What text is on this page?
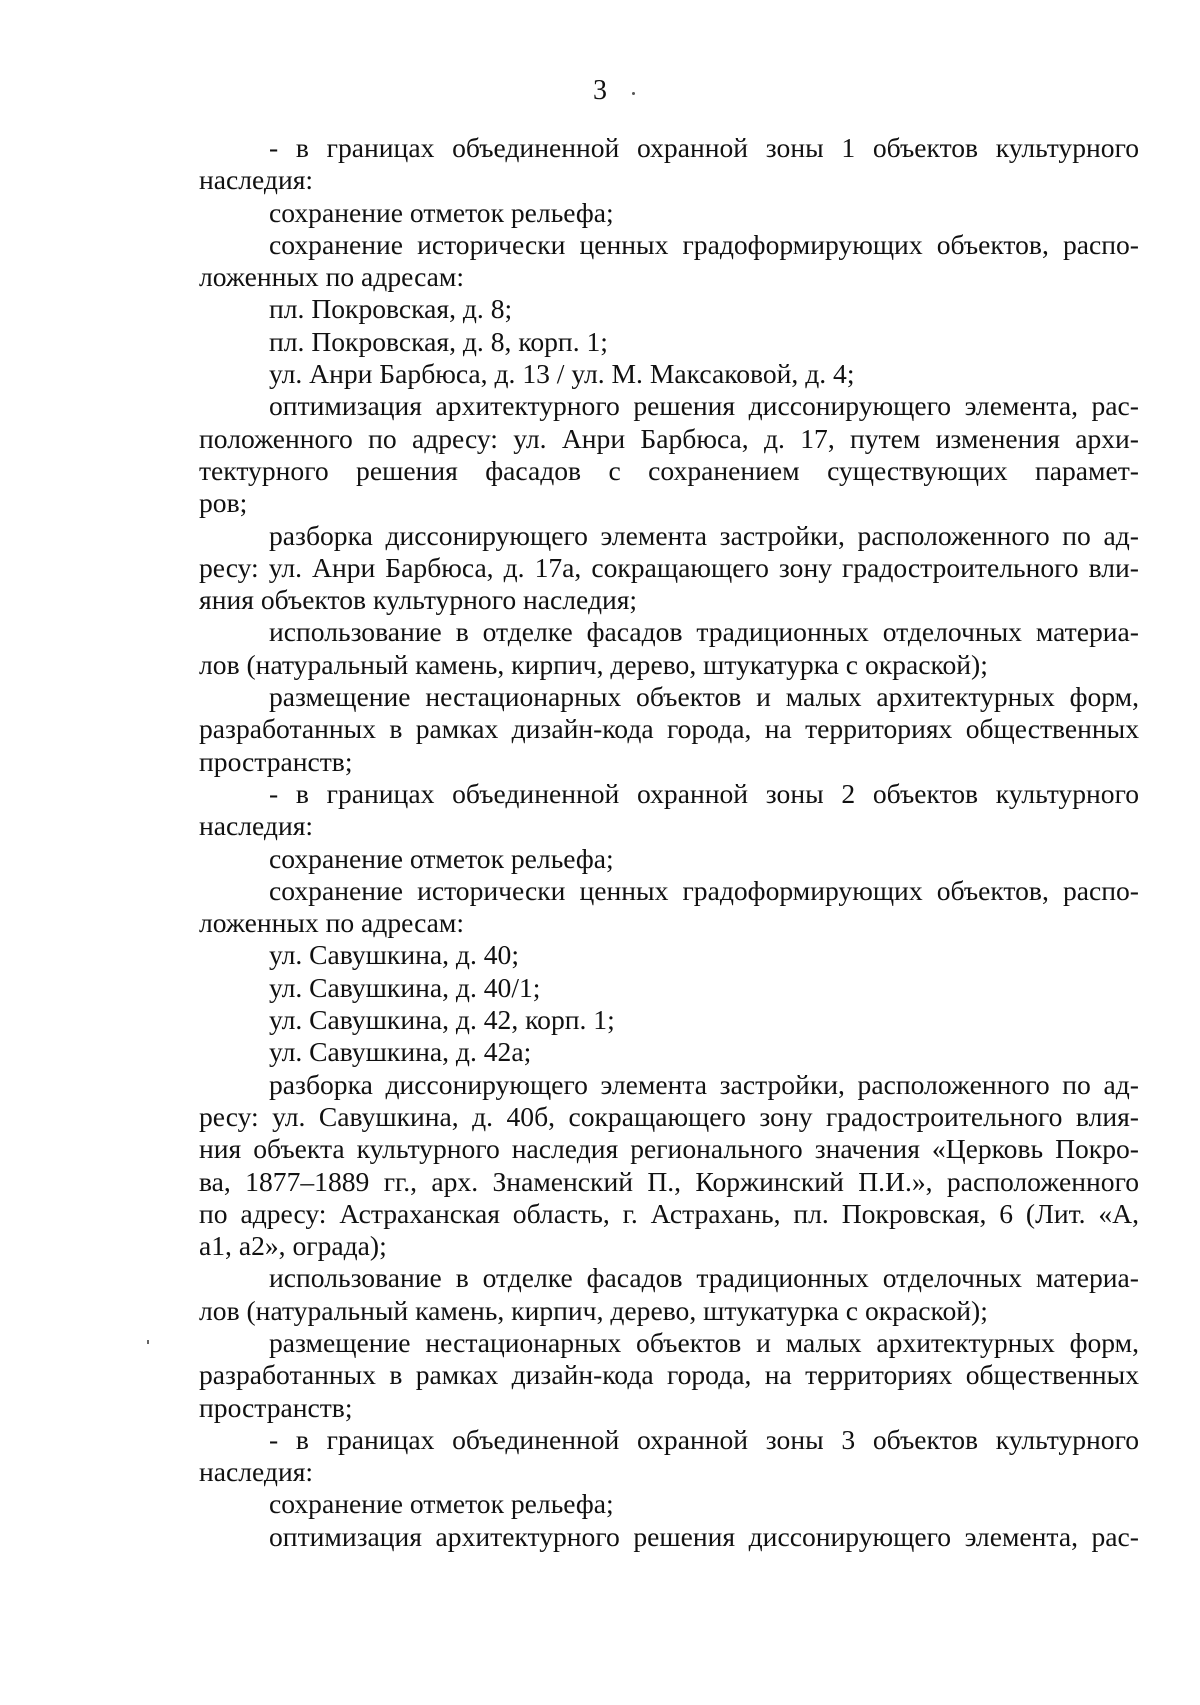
3
- в границах объединенной охранной зоны 1 объектов культурного
наследия:
сохранение отметок рельефа;
сохранение исторически ценных градоформирующих объектов, распо-
ложенных по адресам:
пл. Покровская, д. 8;
пл. Покровская, д. 8, корп. 1;
ул. Анри Барбюса, д. 13 / ул. М. Максаковой, д. 4;
оптимизация архитектурного решения диссонирующего элемента, рас-
положенного по адресу: ул. Анри Барбюса, д. 17, путем изменения архи-
тектурного решения фасадов с сохранением существующих парамет-
ров;
разборка диссонирующего элемента застройки, расположенного по ад-
ресу: ул. Анри Барбюса, д. 17а, сокращающего зону градостроительного вли-
яния объектов культурного наследия;
использование в отделке фасадов традиционных отделочных материа-
лов (натуральный камень, кирпич, дерево, штукатурка с окраской);
размещение нестационарных объектов и малых архитектурных форм,
разработанных в рамках дизайн-кода города, на территориях общественных
пространств;
- в границах объединенной охранной зоны 2 объектов культурного
наследия:
сохранение отметок рельефа;
сохранение исторически ценных градоформирующих объектов, распо-
ложенных по адресам:
ул. Савушкина, д. 40;
ул. Савушкина, д. 40/1;
ул. Савушкина, д. 42, корп. 1;
ул. Савушкина, д. 42а;
разборка диссонирующего элемента застройки, расположенного по ад-
ресу: ул. Савушкина, д. 40б, сокращающего зону градостроительного влия-
ния объекта культурного наследия регионального значения «Церковь Покро-
ва, 1877–1889 гг., арх. Знаменский П., Коржинский П.И.», расположенного
по адресу: Астраханская область, г. Астрахань, пл. Покровская, 6 (Лит. «А,
а1, а2», ограда);
использование в отделке фасадов традиционных отделочных материа-
лов (натуральный камень, кирпич, дерево, штукатурка с окраской);
размещение нестационарных объектов и малых архитектурных форм,
разработанных в рамках дизайн-кода города, на территориях общественных
пространств;
- в границах объединенной охранной зоны 3 объектов культурного
наследия:
сохранение отметок рельефа;
оптимизация архитектурного решения диссонирующего элемента, рас-
